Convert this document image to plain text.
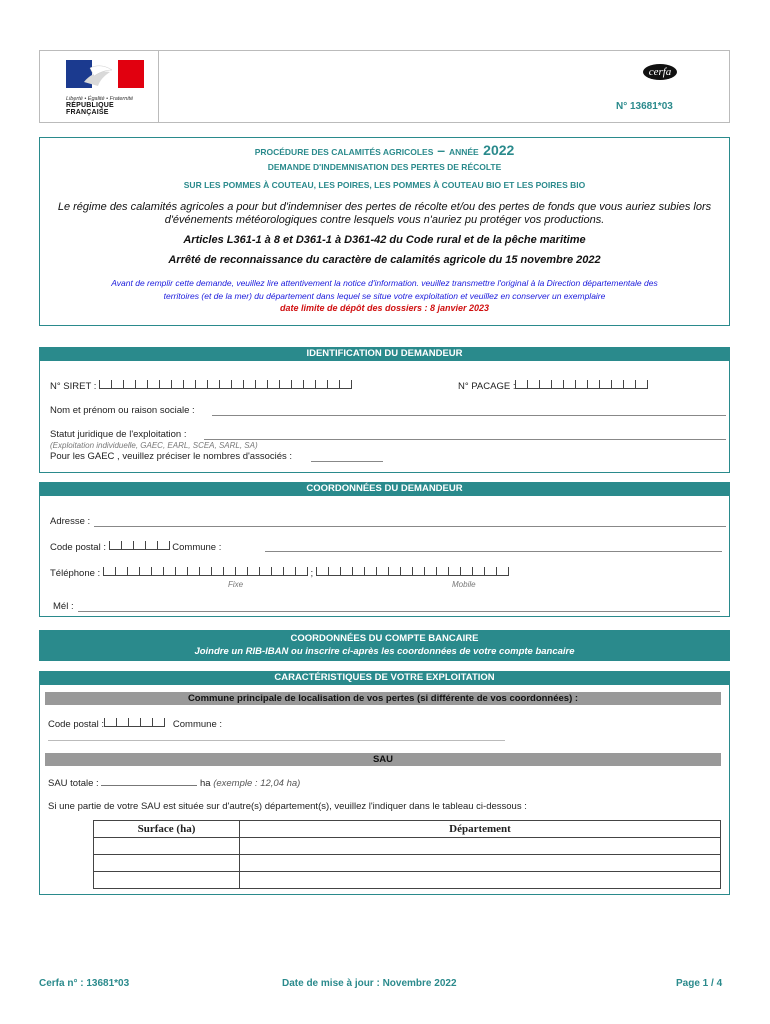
Liberté • Égalité • Fraternité
RÉPUBLIQUE FRANÇAISE
cerfa
N° 13681*03
PROCÉDURE DES CALAMITÉS AGRICOLES – ANNÉE 2022
DEMANDE D'INDEMNISATION DES PERTES DE RÉCOLTE
SUR LES POMMES À COUTEAU, LES POIRES, LES POMMES À COUTEAU BIO ET LES POIRES BIO
Le régime des calamités agricoles a pour but d'indemniser des pertes de récolte et/ou des pertes de fonds que vous auriez subies lors
d'événements météorologiques contre lesquels vous n'auriez pu protéger vos productions.
Articles L361-1 à 8 et D361-1 à D361-42 du Code rural et de la pêche maritime
Arrêté de reconnaissance du caractère de calamités agricole du 15 novembre 2022
Avant de remplir cette demande, veuillez lire attentivement la notice d'information. veuillez transmettre l'original à la Direction départementale des
territoires (et de la mer) du département dans lequel se situe votre exploitation et veuillez en conserver un exemplaire
date limite de dépôt des dossiers : 8 janvier 2023
IDENTIFICATION DU DEMANDEUR
N° SIRET :	N° PACAGE :
Nom et prénom ou raison sociale :
Statut juridique de l'exploitation :
(Exploitation individuelle, GAEC, EARL, SCEA, SARL, SA)
Pour les GAEC , veuillez préciser le nombres d'associés :
COORDONNÉES DU DEMANDEUR
Adresse :
Code postal :	Commune :
Téléphone :	;
Fixe	Mobile
Mél :
COORDONNÉES DU COMPTE BANCAIRE
Joindre un RIB-IBAN ou inscrire ci-après les coordonnées de votre compte bancaire
CARACTÉRISTIQUES DE VOTRE EXPLOITATION
Commune principale de localisation de vos pertes (si différente de vos coordonnées) :
Code postal :	Commune :
SAU
SAU totale :	ha (exemple : 12,04 ha)
Si une partie de votre SAU est située sur d'autre(s) département(s), veuillez l'indiquer dans le tableau ci-dessous :
Surface (ha)	Département

Cerfa n° : 13681*03	Date de mise à jour : Novembre 2022	Page 1 / 4
